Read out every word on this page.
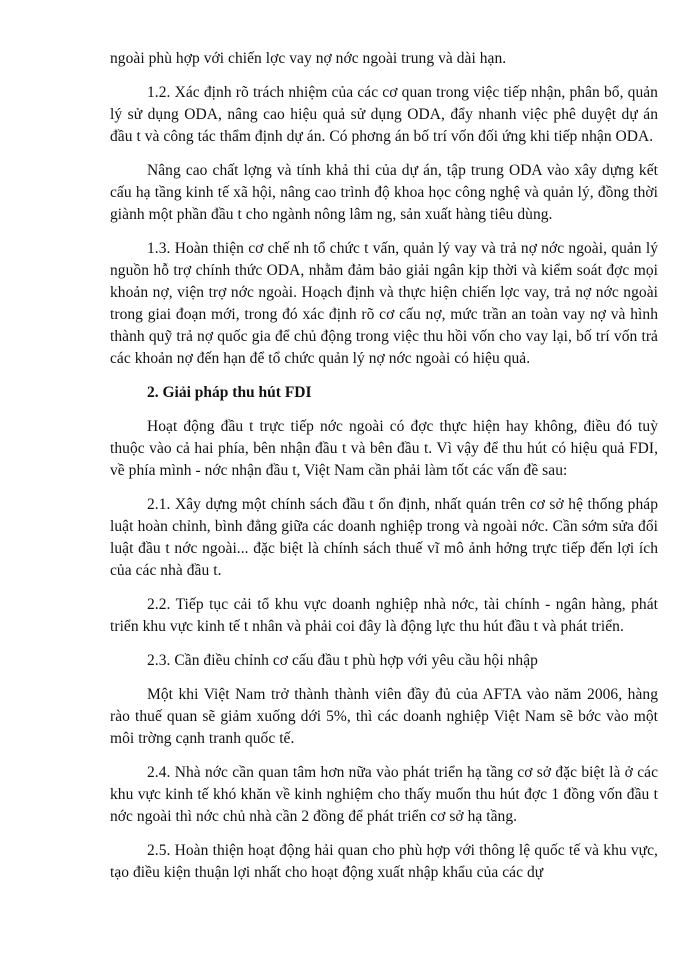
ngoài phù hợp với chiến lợc vay nợ nớc ngoài trung và dài hạn.

1.2. Xác định rõ trách nhiệm của các cơ quan trong việc tiếp nhận, phân bổ, quản lý sử dụng ODA, nâng cao hiệu quả sử dụng ODA, đẩy nhanh việc phê duyệt dự án đầu t và công tác thẩm định dự án. Có phơng án bố trí vốn đối ứng khi tiếp nhận ODA.

Nâng cao chất lợng và tính khả thi của dự án, tập trung ODA vào xây dựng kết cấu hạ tầng kinh tế xã hội, nâng cao trình độ khoa học công nghệ và quản lý, đồng thời giành một phần đầu t cho ngành nông lâm ng, sản xuất hàng tiêu dùng.

1.3. Hoàn thiện cơ chế nh tổ chức t vấn, quản lý vay và trả nợ nớc ngoài, quản lý nguồn hỗ trợ chính thức ODA, nhằm đảm bảo giải ngân kịp thời và kiểm soát đợc mọi khoản nợ, viện trợ nớc ngoài. Hoạch định và thực hiện chiến lợc vay, trả nợ nớc ngoài trong giai đoạn mới, trong đó xác định rõ cơ cấu nợ, mức trần an toàn vay nợ và hình thành quỹ trả nợ quốc gia để chủ động trong việc thu hồi vốn cho vay lại, bố trí vốn trả các khoản nợ đến hạn để tổ chức quản lý nợ nớc ngoài có hiệu quả.

2. Giải pháp thu hút FDI

Hoạt động đầu t trực tiếp nớc ngoài có đợc thực hiện hay không, điều đó tuỳ thuộc vào cả hai phía, bên nhận đầu t và bên đầu t. Vì vậy để thu hút có hiệu quả FDI, về phía mình - nớc nhận đầu t, Việt Nam cần phải làm tốt các vấn đề sau:

2.1. Xây dựng một chính sách đầu t ổn định, nhất quán trên cơ sở hệ thống pháp luật hoàn chỉnh, bình đẳng giữa các doanh nghiệp trong và ngoài nớc. Cần sớm sửa đổi luật đầu t nớc ngoài... đặc biệt là chính sách thuế vĩ mô ảnh hởng trực tiếp đến lợi ích của các nhà đầu t.

2.2. Tiếp tục cải tổ khu vực doanh nghiệp nhà nớc, tài chính - ngân hàng, phát triển khu vực kinh tế t nhân và phải coi đây là động lực thu hút đầu t và phát triển.

2.3. Cần điều chỉnh cơ cấu đầu t phù hợp với yêu cầu hội nhập

Một khi Việt Nam trở thành thành viên đầy đủ của AFTA vào năm 2006, hàng rào thuế quan sẽ giảm xuống dới 5%, thì các doanh nghiệp Việt Nam sẽ bớc vào một môi trờng cạnh tranh quốc tế.

2.4. Nhà nớc cần quan tâm hơn nữa vào phát triển hạ tầng cơ sở đặc biệt là ở các khu vực kinh tế khó khăn về kinh nghiệm cho thấy muốn thu hút đợc 1 đồng vốn đầu t nớc ngoài thì nớc chủ nhà cần 2 đồng để phát triển cơ sở hạ tầng.

2.5. Hoàn thiện hoạt động hải quan cho phù hợp với thông lệ quốc tế và khu vực, tạo điều kiện thuận lợi nhất cho hoạt động xuất nhập khẩu của các dự
